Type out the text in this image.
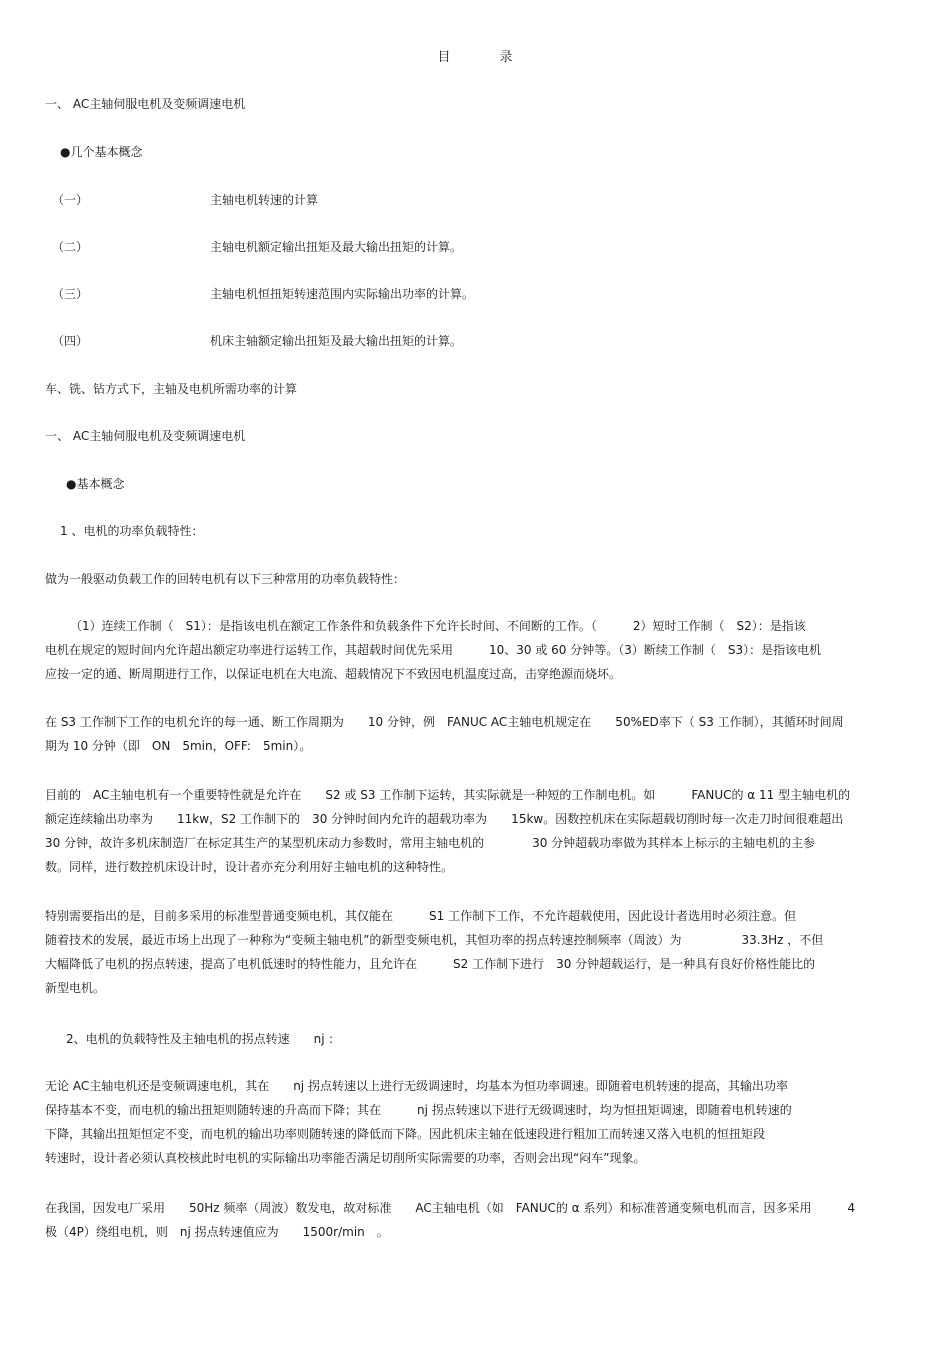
目　录
一、 AC主轴伺服电机及变频调速电机
●几个基本概念
（一）	主轴电机转速的计算
（二）	主轴电机额定输出扭矩及最大输出扭矩的计算。
（三）	主轴电机恒扭矩转速范围内实际输出功率的计算。
（四）	机床主轴额定输出扭矩及最大输出扭矩的计算。
车、铣、钻方式下，主轴及电机所需功率的计算
一、 AC主轴伺服电机及变频调速电机
●基本概念
1 、电机的功率负载特性：
做为一般驱动负载工作的回转电机有以下三种常用的功率负载特性：
（1）连续工作制（　S1）：是指该电机在额定工作条件和负载条件下允许长时间、不间断的工作。（　　　2）短时工作制（　S2）：是指该
电机在规定的短时间内允许超出额定功率进行运转工作，其超载时间优先采用　　　10、30 或 60 分钟等。（3）断续工作制（　S3）：是指该电机
应按一定的通、断周期进行工作，以保证电机在大电流、超载情况下不致因电机温度过高，击穿绝源而烧坏。
在 S3 工作制下工作的电机允许的每一通、断工作周期为　　10 分钟，例　FANUC AC主轴电机规定在　　50%ED率下（ S3 工作制），其循环时间周
期为 10 分钟（即　ON　5min，OFF:　5min）。
目前的　AC主轴电机有一个重要特性就是允许在　　S2 或 S3 工作制下运转，其实际就是一种短的工作制电机。如　　　FANUC的 α 11 型主轴电机的
额定连续输出功率为　　11kw，S2 工作制下的　30 分钟时间内允许的超载功率为　　15kw。因数控机床在实际超载切削时每一次走刀时间很难超出
30 分钟，故许多机床制造厂在标定其生产的某型机床动力参数时，常用主轴电机的　　　　30 分钟超载功率做为其样本上标示的主轴电机的主参
数。同样，进行数控机床设计时，设计者亦充分利用好主轴电机的这种特性。
特别需要指出的是，目前多采用的标准型普通变频电机，其仅能在　　　S1 工作制下工作，不允许超载使用，因此设计者选用时必须注意。但
随着技术的发展，最近市场上出现了一种称为“变频主轴电机”的新型变频电机，其恒功率的拐点转速控制频率（周波）为　　　　　33.3Hz ，不但
大幅降低了电机的拐点转速，提高了电机低速时的特性能力，且允许在　　　S2 工作制下进行　30 分钟超载运行，是一种具有良好价格性能比的
新型电机。
2、电机的负载特性及主轴电机的拐点转速　　nj ：
无论 AC主轴电机还是变频调速电机，其在　　nj 拐点转速以上进行无级调速时，均基本为恒功率调速。即随着电机转速的提高，其输出功率
保持基本不变，而电机的输出扭矩则随转速的升高而下降；其在　　　nj 拐点转速以下进行无级调速时，均为恒扭矩调速，即随着电机转速的
下降，其输出扭矩恒定不变，而电机的输出功率则随转速的降低而下降。因此机床主轴在低速段进行粗加工而转速又落入电机的恒扭矩段
转速时，设计者必须认真校核此时电机的实际输出功率能否满足切削所实际需要的功率，否则会出现“闷车”现象。
在我国，因发电厂采用　　50Hz 频率（周波）数发电，故对标准　　AC主轴电机（如　FANUC的 α 系列）和标准普通变频电机而言，因多采用　　　4
极（4P）绕组电机，则　nj 拐点转速值应为　　1500r/min　。
